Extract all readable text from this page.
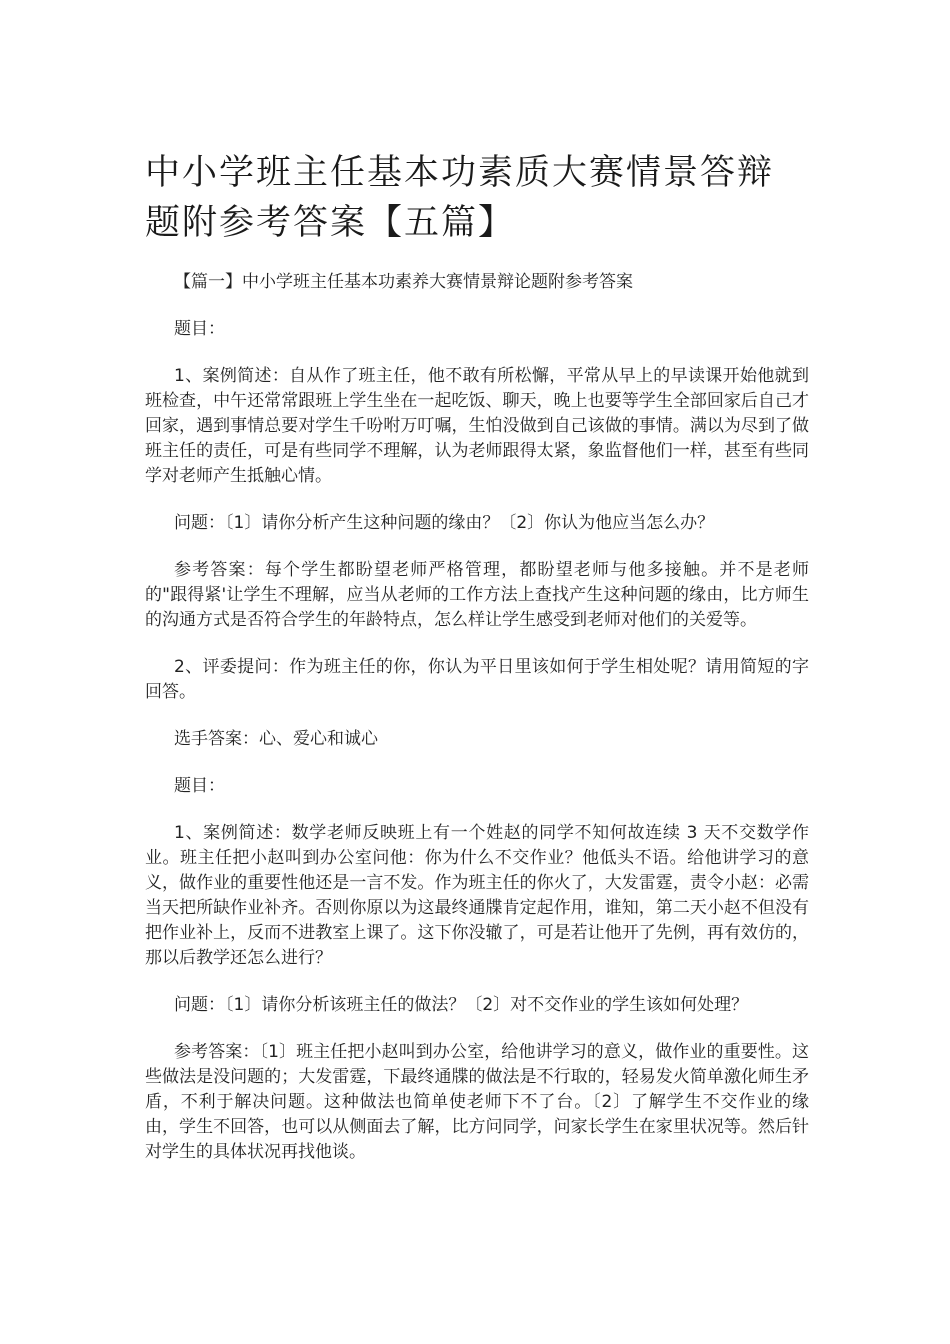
中小学班主任基本功素质大赛情景答辩题附参考答案【五篇】

【篇一】中小学班主任基本功素养大赛情景辩论题附参考答案

题目：

1、案例简述：自从作了班主任，他不敢有所松懈，平常从早上的早读课开始他就到班检查，中午还常常跟班上学生坐在一起吃饭、聊天，晚上也要等学生全部回家后自己才回家，遇到事情总要对学生千吩咐万叮嘱，生怕没做到自己该做的事情。满以为尽到了做班主任的责任，可是有些同学不理解，认为老师跟得太紧，象监督他们一样，甚至有些同学对老师产生抵触心情。

问题：〔1〕请你分析产生这种问题的缘由？〔2〕你认为他应当怎么办？

参考答案：每个学生都盼望老师严格管理，都盼望老师与他多接触。并不是老师的"跟得紧'让学生不理解，应当从老师的工作方法上查找产生这种问题的缘由，比方师生的沟通方式是否符合学生的年龄特点，怎么样让学生感受到老师对他们的关爱等。

2、评委提问：作为班主任的你，你认为平日里该如何于学生相处呢？请用简短的字回答。

选手答案：心、爱心和诚心

题目：

1、案例简述：数学老师反映班上有一个姓赵的同学不知何故连续 3 天不交数学作业。班主任把小赵叫到办公室问他：你为什么不交作业？他低头不语。给他讲学习的意义，做作业的重要性他还是一言不发。作为班主任的你火了，大发雷霆，责令小赵：必需当天把所缺作业补齐。否则你原以为这最终通牒肯定起作用，谁知，第二天小赵不但没有把作业补上，反而不进教室上课了。这下你没辙了，可是若让他开了先例，再有效仿的，那以后教学还怎么进行？

问题：〔1〕请你分析该班主任的做法？〔2〕对不交作业的学生该如何处理？

参考答案：〔1〕班主任把小赵叫到办公室，给他讲学习的意义，做作业的重要性。这些做法是没问题的；大发雷霆，下最终通牒的做法是不行取的，轻易发火简单激化师生矛盾，不利于解决问题。这种做法也简单使老师下不了台。〔2〕了解学生不交作业的缘由，学生不回答，也可以从侧面去了解，比方问同学，问家长学生在家里状况等。然后针对学生的具体状况再找他谈。
